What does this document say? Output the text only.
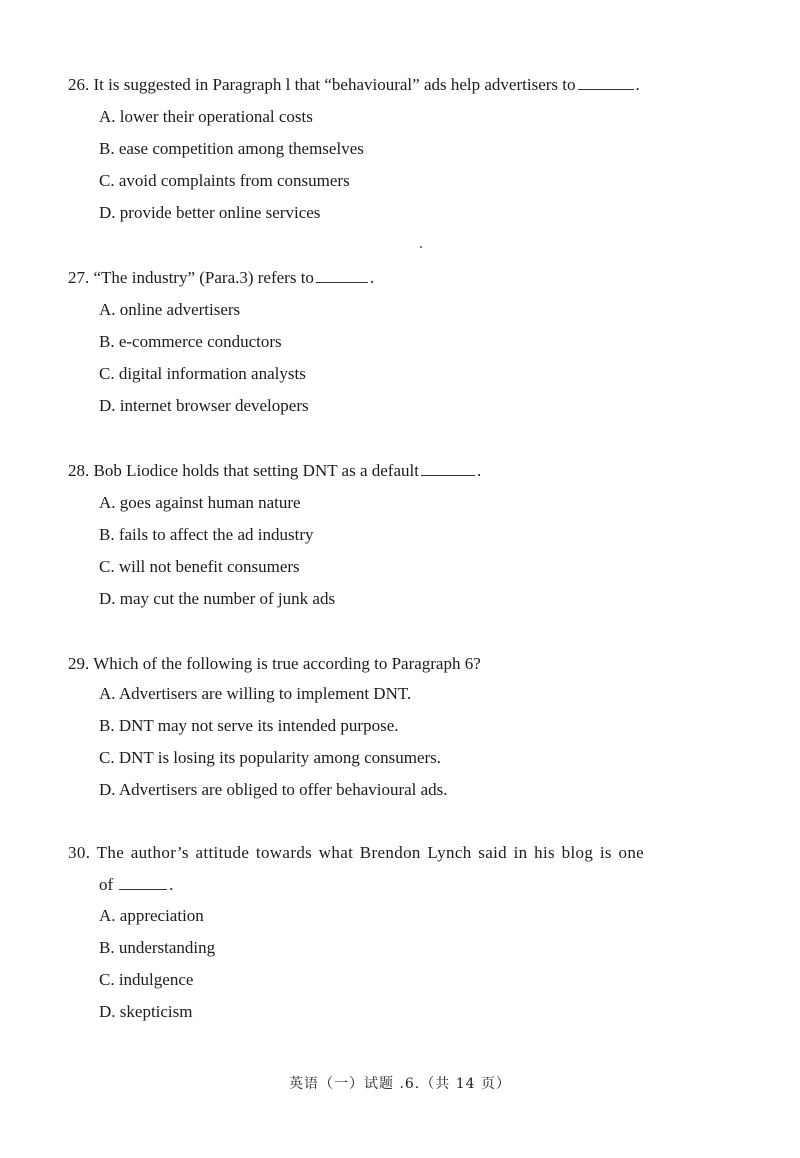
26. It is suggested in Paragraph l that “behavioural” ads help advertisers to	.
A. lower their operational costs
B. ease competition among themselves
C. avoid complaints from consumers
D. provide better online services
27. “The industry” (Para.3) refers to	.
A. online advertisers
B. e-commerce conductors
C. digital information analysts
D. internet browser developers
28. Bob Liodice holds that setting DNT as a default	.
A. goes against human nature
B. fails to affect the ad industry
C. will not benefit consumers
D. may cut the number of junk ads
29. Which of the following is true according to Paragraph 6?
A. Advertisers are willing to implement DNT.
B. DNT may not serve its intended purpose.
C. DNT is losing its popularity among consumers.
D. Advertisers are obliged to offer behavioural ads.
30. The author’s attitude towards what Brendon Lynch said in his blog is one
of	.
A. appreciation
B. understanding
C. indulgence
D. skepticism
英语（一）试题 .6.（共 14 页）
